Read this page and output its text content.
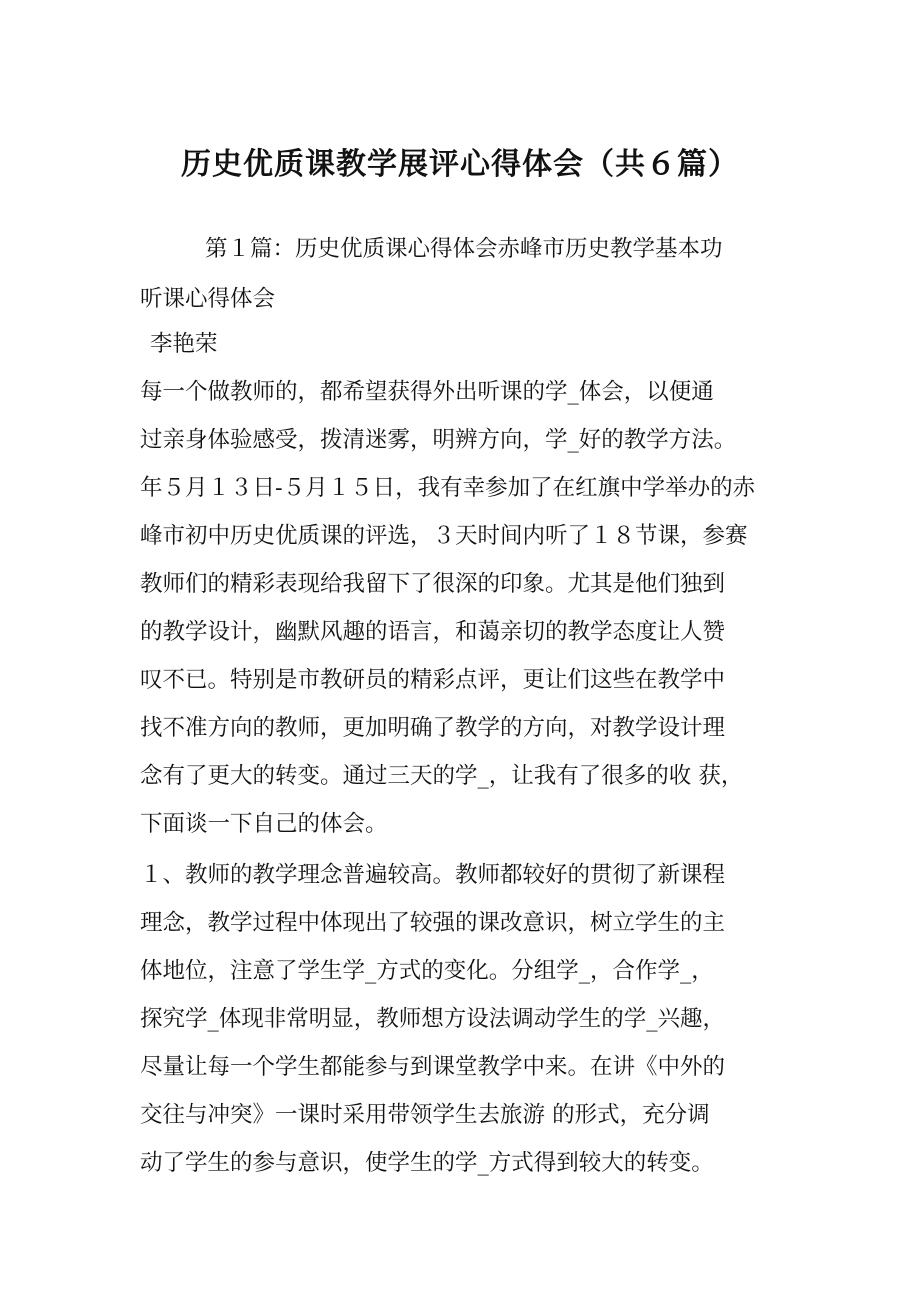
历史优质课教学展评心得体会（共６篇）
第１篇：历史优质课心得体会赤峰市历史教学基本功
听课心得体会
李艳荣
每一个做教师的，都希望获得外出听课的学_体会，以便通
过亲身体验感受，拨清迷雾，明辨方向，学_好的教学方法。
年５月１３日-５月１５日，我有幸参加了在红旗中学举办的赤
峰市初中历史优质课的评选，３天时间内听了１８节课，参赛
教师们的精彩表现给我留下了很深的印象。尤其是他们独到
的教学设计，幽默风趣的语言，和蔼亲切的教学态度让人赞
叹不已。特别是市教研员的精彩点评，更让们这些在教学中
找不准方向的教师，更加明确了教学的方向，对教学设计理
念有了更大的转变。通过三天的学_，让我有了很多的收 获，
下面谈一下自己的体会。
１、教师的教学理念普遍较高。教师都较好的贯彻了新课程
理念，教学过程中体现出了较强的课改意识，树立学生的主
体地位，注意了学生学_方式的变化。分组学_，合作学_，
探究学_体现非常明显，教师想方设法调动学生的学_兴趣，
尽量让每一个学生都能参与到课堂教学中来。在讲《中外的
交往与冲突》一课时采用带领学生去旅游 的形式，充分调
动了学生的参与意识，使学生的学_方式得到较大的转变。
